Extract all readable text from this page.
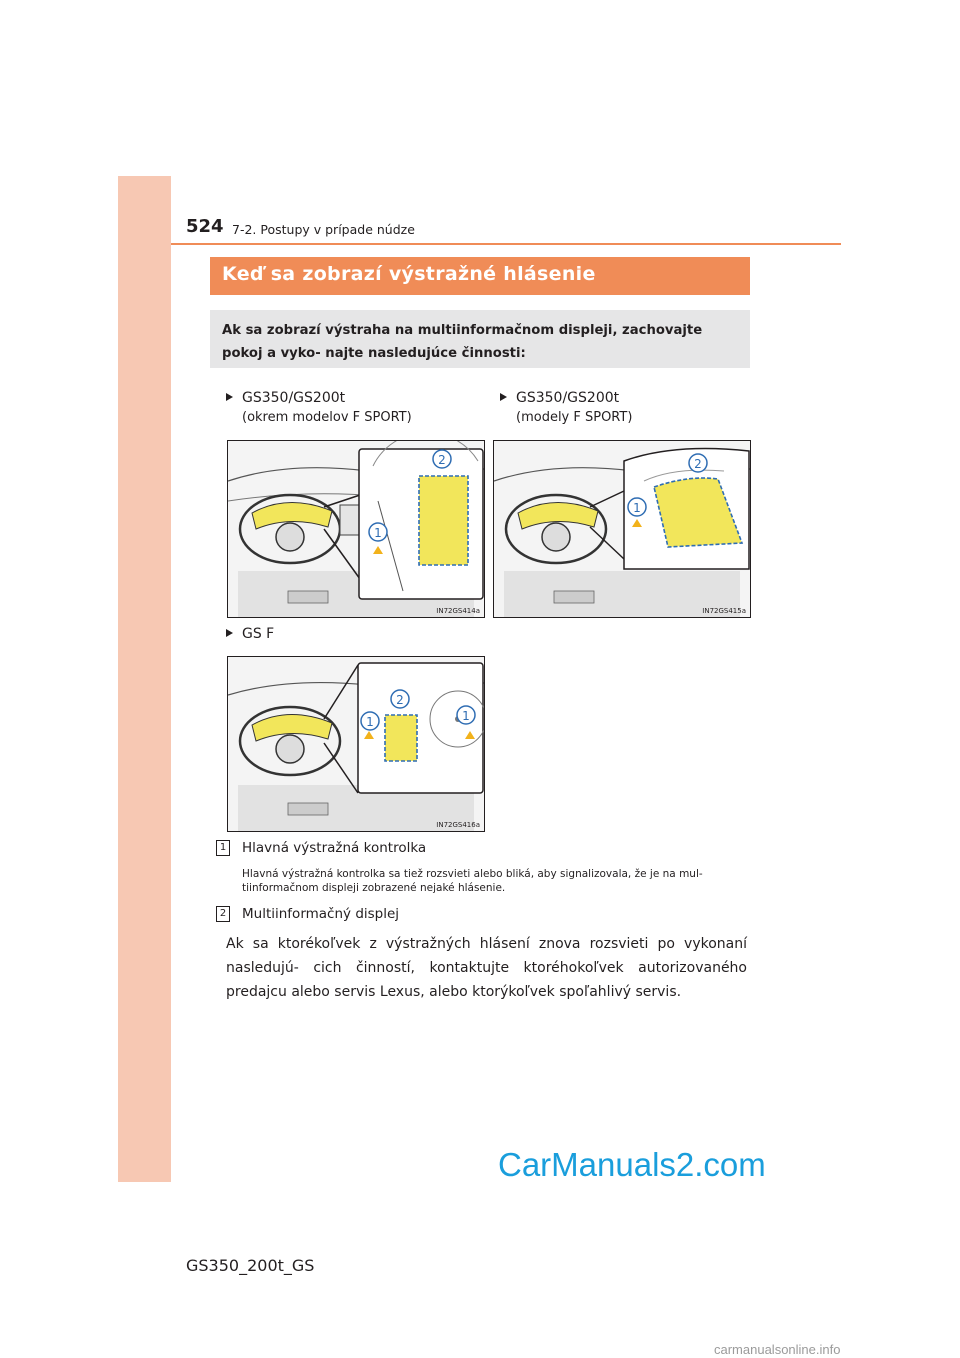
524 7-2. Postupy v prípade núdze
Keď sa zobrazí výstražné hlásenie
Ak sa zobrazí výstraha na multiinformačnom displeji, zachovajte pokoj a vyko- najte nasledujúce činnosti:
GS350/GS200t
(okrem modelov F SPORT)
GS350/GS200t
(modely F SPORT)
2
1
IN72GS414a
2
1
IN72GS415a
GS F
2
1	1
IN72GS416a
1 Hlavná výstražná kontrolka
Hlavná výstražná kontrolka sa tiež rozsvieti alebo bliká, aby signalizovala, že je na mul- tiinformačnom displeji zobrazené nejaké hlásenie.
2 Multiinformačný displej
Ak sa ktorékoľvek z výstražných hlásení znova rozsvieti po vykonaní nasledujú- cich činností, kontaktujte ktoréhokoľvek autorizovaného predajcu alebo servis Lexus, alebo ktorýkoľvek spoľahlivý servis.
CarManuals2.com
GS350_200t_GS
carmanualsonline.info
